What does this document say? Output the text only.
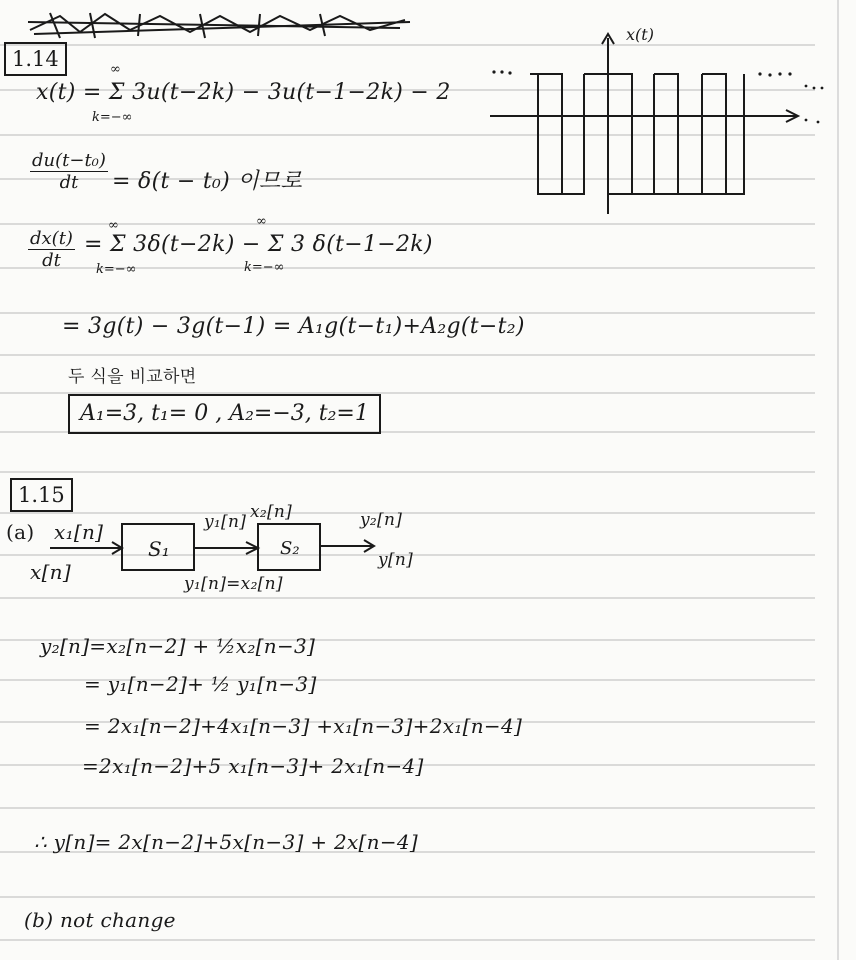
1.14	∞
x(t) = Σ 3u(t−2k) − 3u(t−1−2k) − 2
k=−∞
$\frac{\text{du(t−t₀)}}{dt} = \delta(t - t_0)$ 이므로
$\frac{dx(t)}{dt}$
∞	∞
= Σ 3δ(t−2k) − Σ 3 δ(t−1−2k)
k=−∞	k=−∞
= 3g(t) − 3g(t−1) = A₁g(t−t₁)+A₂g(t−t₂)
두 식을 비교하면
A₁=3, t₁= 0 , A₂=−3, t₂=1
x(t)
1.15
(a) x₁[n]
x[n]
S₁	S₂
y₁[n] x₂[n]
y₁[n]=x₂[n]
y₂[n]
y[n]
y₂[n]=x₂[n−2] + ½x₂[n−3]
= y₁[n−2]+ ½ y₁[n−3]
= 2x₁[n−2]+4x₁[n−3] +x₁[n−3]+2x₁[n−4]
=2x₁[n−2]+5 x₁[n−3]+ 2x₁[n−4]
∴ y[n]= 2x[n−2]+5x[n−3] + 2x[n−4]
(b) not change
